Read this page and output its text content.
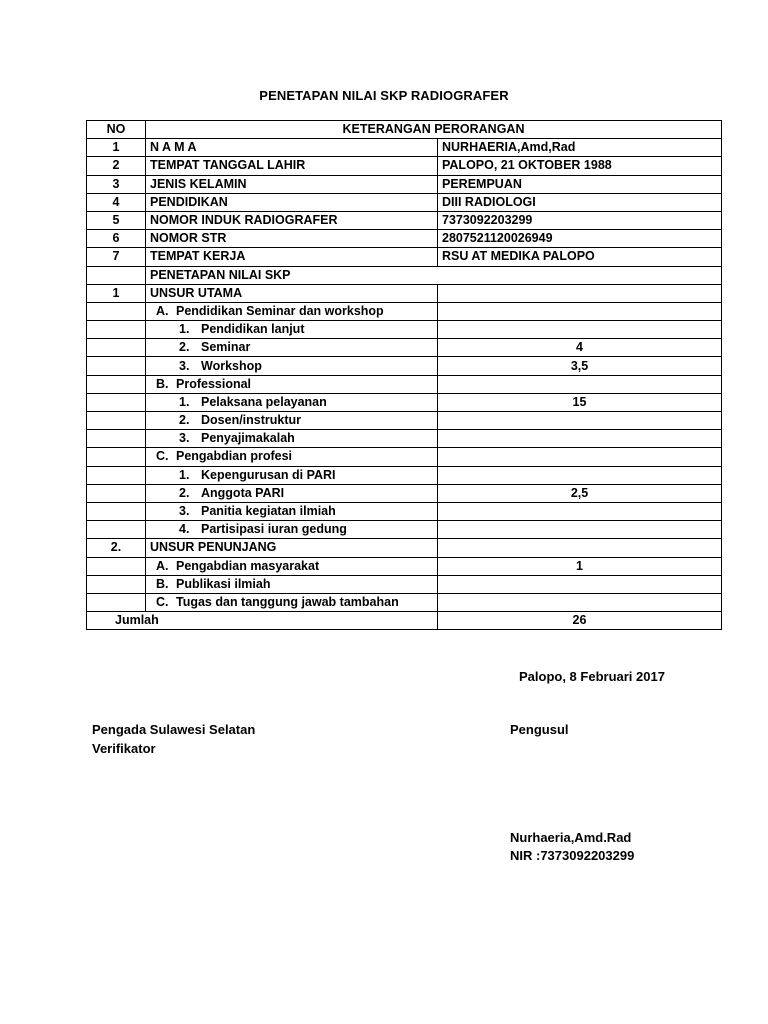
PENETAPAN NILAI SKP RADIOGRAFER
NO	KETERANGAN PERORANGAN	
1	N A M A	NURHAERIA,Amd,Rad
2	TEMPAT TANGGAL LAHIR	PALOPO, 21 OKTOBER 1988
3	JENIS KELAMIN	PEREMPUAN
4	PENDIDIKAN	DIII RADIOLOGI
5	NOMOR INDUK RADIOGRAFER	7373092203299
6	NOMOR STR	2807521120026949
7	TEMPAT KERJA	RSU AT MEDIKA PALOPO
	PENETAPAN NILAI SKP	
1	UNSUR UTAMA	
	A. Pendidikan Seminar dan workshop	
	1. Pendidikan lanjut	
	2. Seminar	4
	3. Workshop	3,5
	B. Professional	
	1. Pelaksana pelayanan	15
	2. Dosen/instruktur	
	3. Penyajimakalah	
	C. Pengabdian profesi	
	1. Kepengurusan di PARI	
	2. Anggota PARI	2,5
	3. Panitia kegiatan ilmiah	
	4. Partisipasi iuran gedung	
2.	UNSUR PENUNJANG	
	A. Pengabdian masyarakat	1
	B. Publikasi ilmiah	
	C. Tugas dan tanggung jawab tambahan	
Jumlah		26
Palopo, 8 Februari 2017
Pengada Sulawesi Selatan
Verifikator
Pengusul
Nurhaeria,Amd.Rad
NIR :7373092203299
